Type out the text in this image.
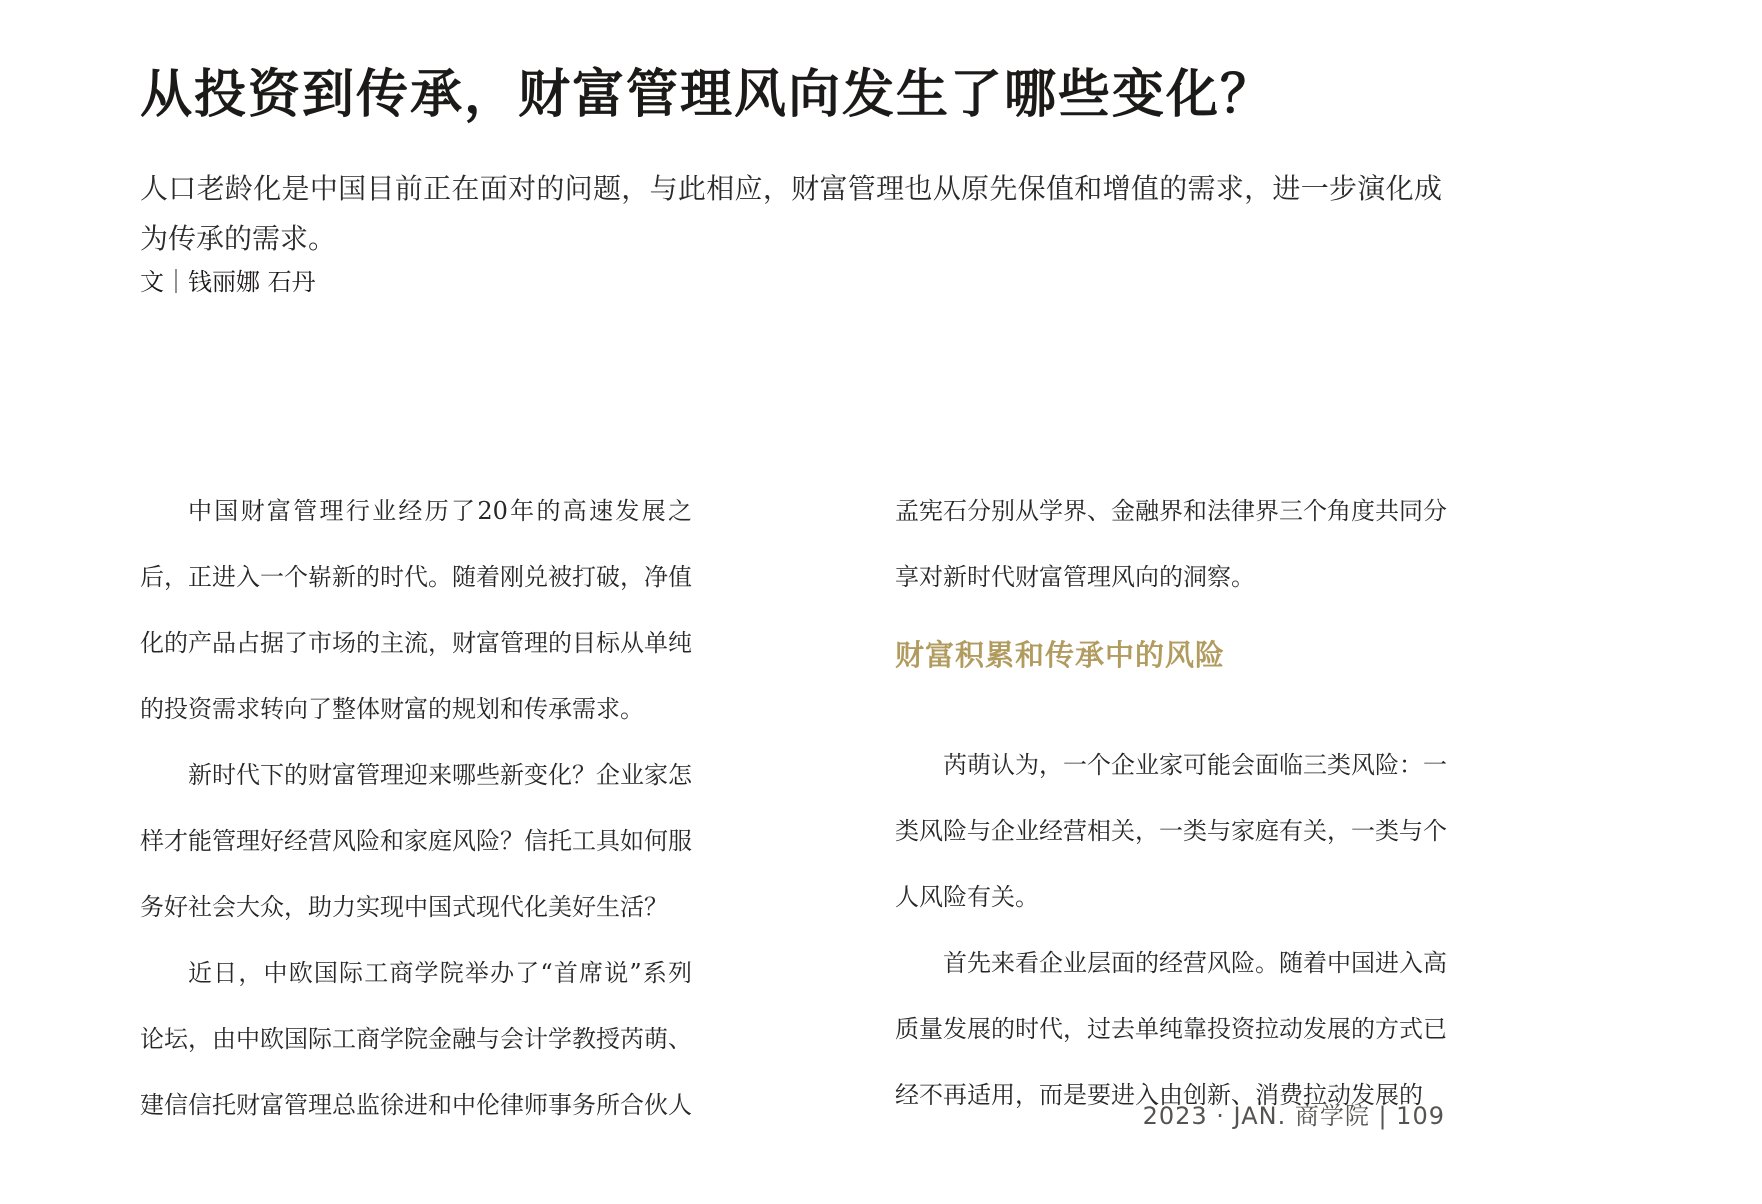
从投资到传承，财富管理风向发生了哪些变化？

人口老龄化是中国目前正在面对的问题，与此相应，财富管理也从原先保值和增值的需求，进一步演化成为传承的需求。

文｜钱丽娜 石丹

中国财富管理行业经历了20年的高速发展之后，正进入一个崭新的时代。随着刚兑被打破，净值化的产品占据了市场的主流，财富管理的目标从单纯的投资需求转向了整体财富的规划和传承需求。

新时代下的财富管理迎来哪些新变化？企业家怎样才能管理好经营风险和家庭风险？信托工具如何服务好社会大众，助力实现中国式现代化美好生活？

近日，中欧国际工商学院举办了“首席说”系列论坛，由中欧国际工商学院金融与会计学教授芮萌、建信信托财富管理总监徐进和中伦律师事务所合伙人

孟宪石分别从学界、金融界和法律界三个角度共同分享对新时代财富管理风向的洞察。

财富积累和传承中的风险

芮萌认为，一个企业家可能会面临三类风险：一类风险与企业经营相关，一类与家庭有关，一类与个人风险有关。

首先来看企业层面的经营风险。随着中国进入高质量发展的时代，过去单纯靠投资拉动发展的方式已经不再适用，而是要进入由创新、消费拉动发展的

2023 · JAN. 商学院 | 109
